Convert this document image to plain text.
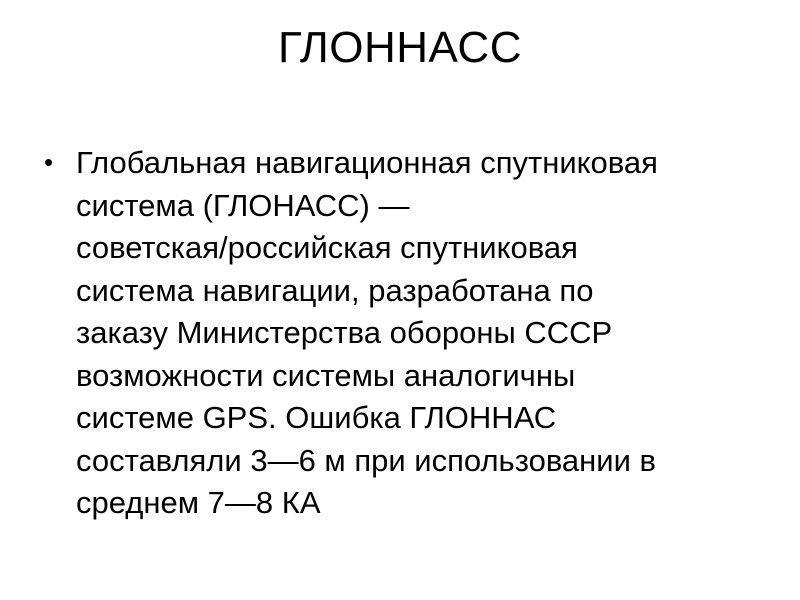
ГЛОННАСС
• Глобальная навигационная спутниковая
система (ГЛОНАСС) —
советская/российская спутниковая
система навигации, разработана по
заказу Министерства обороны СССР
возможности системы аналогичны
системе GPS. Ошибка ГЛОННАС
составляли 3—6 м при использовании в
среднем 7—8 КА
